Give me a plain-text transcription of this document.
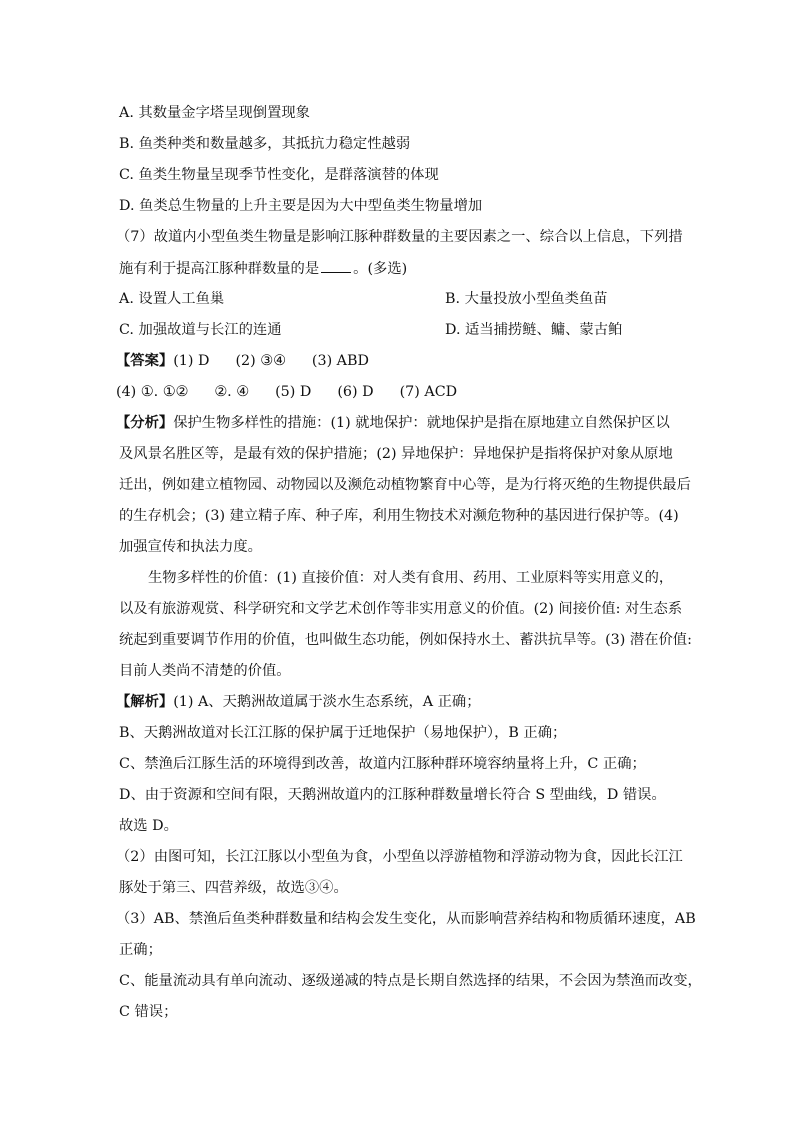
A. 其数量金字塔呈现倒置现象
B. 鱼类种类和数量越多，其抵抗力稳定性越弱
C. 鱼类生物量呈现季节性变化，是群落演替的体现
D. 鱼类总生物量的上升主要是因为大中型鱼类生物量增加
（7）故道内小型鱼类生物量是影响江豚种群数量的主要因素之一、综合以上信息，下列措
施有利于提高江豚种群数量的是 。(多选)
A. 设置人工鱼巢	B. 大量投放小型鱼类鱼苗
C. 加强故道与长江的连通	D. 适当捕捞鲢、鳙、蒙古鲌
【答案】(1) D (2) ③④ (3) ABD
(4) ①. ①② ②. ④ (5) D (6) D (7) ACD
【分析】保护生物多样性的措施：(1) 就地保护：就地保护是指在原地建立自然保护区以
及风景名胜区等，是最有效的保护措施；(2) 异地保护：异地保护是指将保护对象从原地
迁出，例如建立植物园、动物园以及濒危动植物繁育中心等，是为行将灭绝的生物提供最后
的生存机会；(3) 建立精子库、种子库，利用生物技术对濒危物种的基因进行保护等。(4)
加强宣传和执法力度。
生物多样性的价值：(1) 直接价值：对人类有食用、药用、工业原料等实用意义的，
以及有旅游观赏、科学研究和文学艺术创作等非实用意义的价值。(2) 间接价值: 对生态系
统起到重要调节作用的价值，也叫做生态功能，例如保持水土、蓄洪抗旱等。(3) 潜在价值:
目前人类尚不清楚的价值。
【解析】(1) A、天鹅洲故道属于淡水生态系统，A 正确；
B、天鹅洲故道对长江江豚的保护属于迁地保护（易地保护），B 正确；
C、禁渔后江豚生活的环境得到改善，故道内江豚种群环境容纳量将上升，C 正确；
D、由于资源和空间有限，天鹅洲故道内的江豚种群数量增长符合 S 型曲线，D 错误。
故选 D。
（2）由图可知，长江江豚以小型鱼为食，小型鱼以浮游植物和浮游动物为食，因此长江江
豚处于第三、四营养级，故选③④。
（3）AB、禁渔后鱼类种群数量和结构会发生变化，从而影响营养结构和物质循环速度，AB
正确；
C、能量流动具有单向流动、逐级递减的特点是长期自然选择的结果，不会因为禁渔而改变，
C 错误；
